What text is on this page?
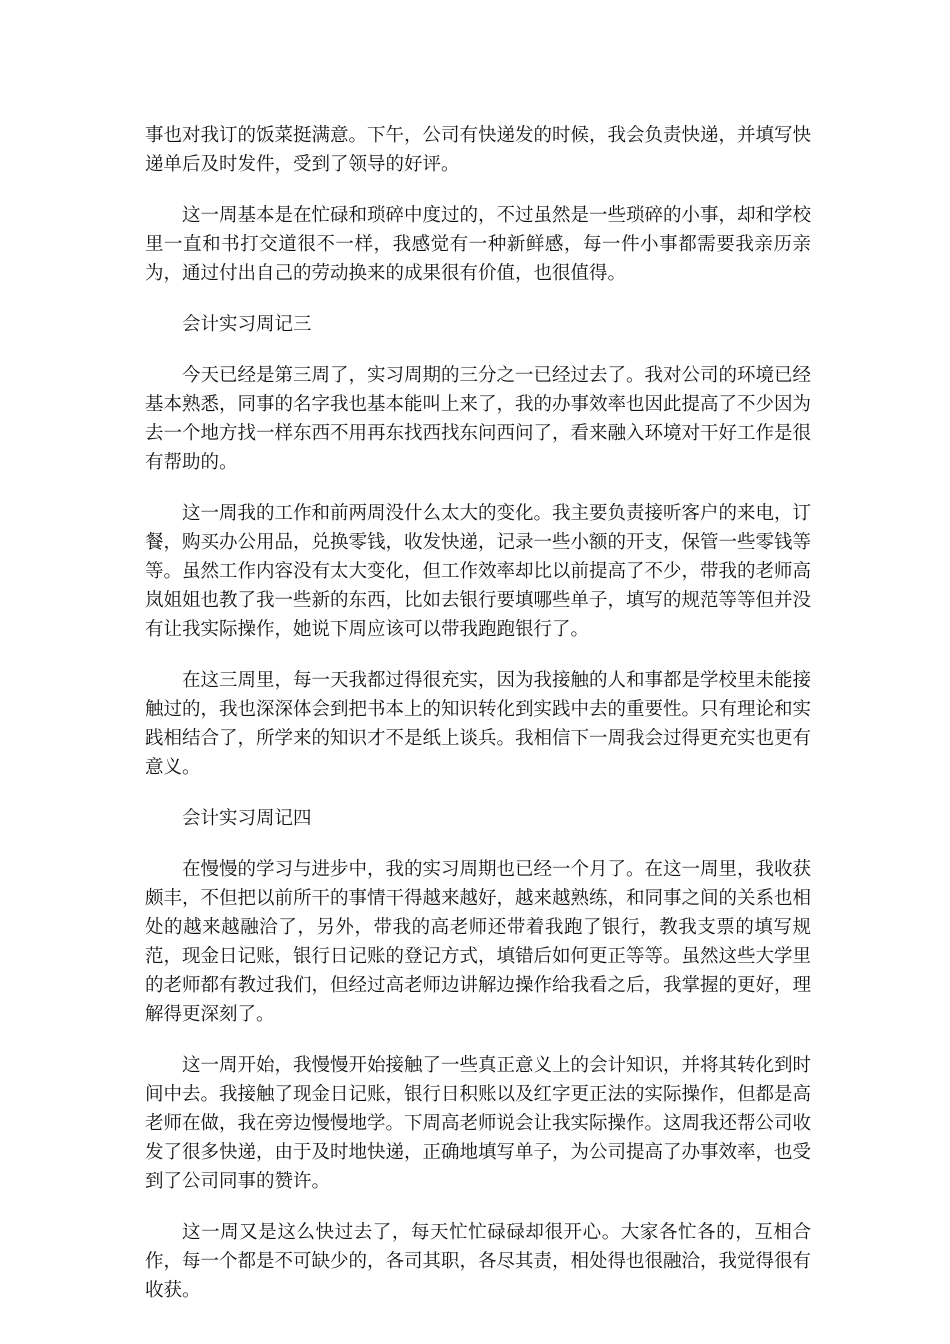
事也对我订的饭菜挺满意。下午，公司有快递发的时候，我会负责快递，并填写快递单后及时发件，受到了领导的好评。

这一周基本是在忙碌和琐碎中度过的，不过虽然是一些琐碎的小事，却和学校里一直和书打交道很不一样，我感觉有一种新鲜感，每一件小事都需要我亲历亲为，通过付出自己的劳动换来的成果很有价值，也很值得。

会计实习周记三

今天已经是第三周了，实习周期的三分之一已经过去了。我对公司的环境已经基本熟悉，同事的名字我也基本能叫上来了，我的办事效率也因此提高了不少因为去一个地方找一样东西不用再东找西找东问西问了，看来融入环境对干好工作是很有帮助的。

这一周我的工作和前两周没什么太大的变化。我主要负责接听客户的来电，订餐，购买办公用品，兑换零钱，收发快递，记录一些小额的开支，保管一些零钱等等。虽然工作内容没有太大变化，但工作效率却比以前提高了不少，带我的老师高岚姐姐也教了我一些新的东西，比如去银行要填哪些单子，填写的规范等等但并没有让我实际操作，她说下周应该可以带我跑跑银行了。

在这三周里，每一天我都过得很充实，因为我接触的人和事都是学校里未能接触过的，我也深深体会到把书本上的知识转化到实践中去的重要性。只有理论和实践相结合了，所学来的知识才不是纸上谈兵。我相信下一周我会过得更充实也更有意义。

会计实习周记四

在慢慢的学习与进步中，我的实习周期也已经一个月了。在这一周里，我收获颇丰，不但把以前所干的事情干得越来越好，越来越熟练，和同事之间的关系也相处的越来越融洽了，另外，带我的高老师还带着我跑了银行，教我支票的填写规范，现金日记账，银行日记账的登记方式，填错后如何更正等等。虽然这些大学里的老师都有教过我们，但经过高老师边讲解边操作给我看之后，我掌握的更好，理解得更深刻了。

这一周开始，我慢慢开始接触了一些真正意义上的会计知识，并将其转化到时间中去。我接触了现金日记账，银行日积账以及红字更正法的实际操作，但都是高老师在做，我在旁边慢慢地学。下周高老师说会让我实际操作。这周我还帮公司收发了很多快递，由于及时地快递，正确地填写单子，为公司提高了办事效率，也受到了公司同事的赞许。

这一周又是这么快过去了，每天忙忙碌碌却很开心。大家各忙各的，互相合作，每一个都是不可缺少的，各司其职，各尽其责，相处得也很融洽，我觉得很有收获。
